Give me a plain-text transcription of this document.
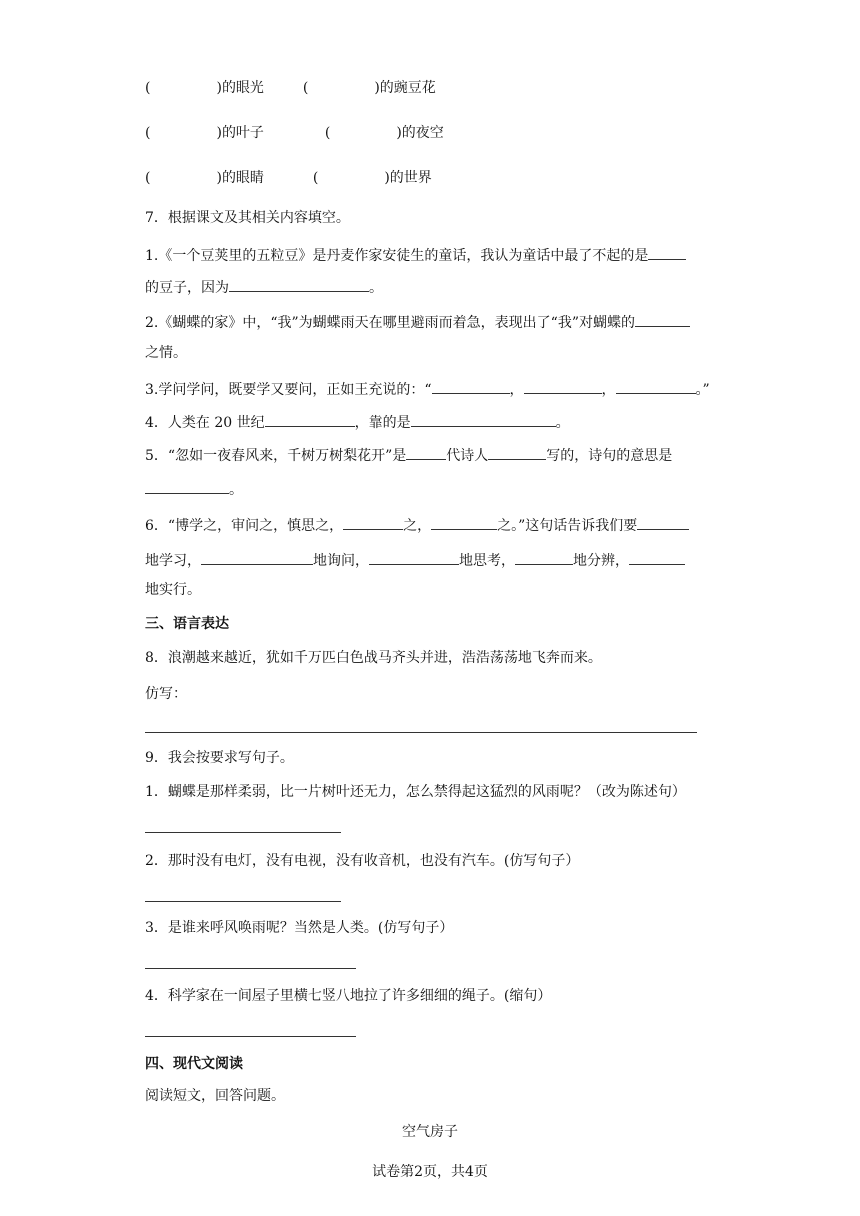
(	)的眼光	(	)的豌豆花
(	)的叶子	(	)的夜空
(	)的眼睛	(	)的世界
7．根据课文及其相关内容填空。
1.《一个豆荚里的五粒豆》是丹麦作家安徒生的童话，我认为童话中最了不起的是
的豆子，因为	。
2.《蝴蝶的家》中，“我”为蝴蝶雨天在哪里避雨而着急，表现出了“我”对蝴蝶的
之情。
3.学问学问，既要学又要问，正如王充说的：“	，	，	。”
4．人类在 20 世纪	，靠的是	。
5．“忽如一夜春风来，千树万树梨花开”是	代诗人	写的，诗句的意思是
。
6．“博学之，审问之，慎思之，	之，	之。”这句话告诉我们要
地学习，	地询问，	地思考，	地分辨，
地实行。
三、语言表达
8．浪潮越来越近，犹如千万匹白色战马齐头并进，浩浩荡荡地飞奔而来。
仿写：
9．我会按要求写句子。
1．蝴蝶是那样柔弱，比一片树叶还无力，怎么禁得起这猛烈的风雨呢？（改为陈述句）
2．那时没有电灯，没有电视，没有收音机，也没有汽车。(仿写句子）
3．是谁来呼风唤雨呢？当然是人类。(仿写句子）
4．科学家在一间屋子里横七竖八地拉了许多细细的绳子。(缩句）
四、现代文阅读
阅读短文，回答问题。
空气房子
试卷第2页，共4页
